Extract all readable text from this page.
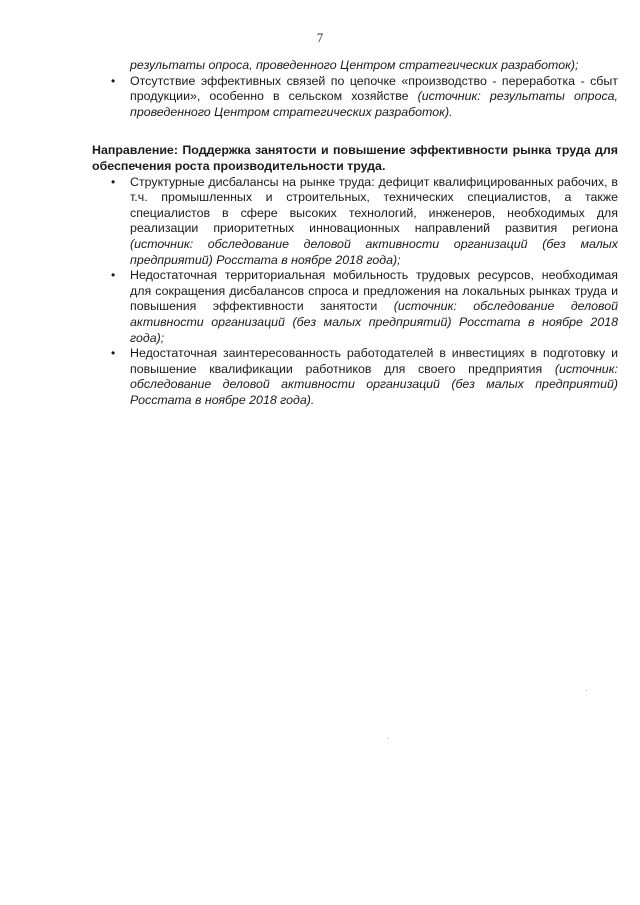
7

результаты опроса, проведенного Центром стратегических разработок);

• Отсутствие эффективных связей по цепочке «производство - переработка - сбыт продукции», особенно в сельском хозяйстве (источник: результаты опроса, проведенного Центром стратегических разработок).

Направление: Поддержка занятости и повышение эффективности рынка труда для обеспечения роста производительности труда.

• Структурные дисбалансы на рынке труда: дефицит квалифицированных рабочих, в т.ч. промышленных и строительных, технических специалистов, а также специалистов в сфере высоких технологий, инженеров, необходимых для реализации приоритетных инновационных направлений развития региона (источник: обследование деловой активности организаций (без малых предприятий) Росстата в ноябре 2018 года);
• Недостаточная территориальная мобильность трудовых ресурсов, необходимая для сокращения дисбалансов спроса и предложения на локальных рынках труда и повышения эффективности занятости (источник: обследование деловой активности организаций (без малых предприятий) Росстата в ноябре 2018 года);
• Недостаточная заинтересованность работодателей в инвестициях в подготовку и повышение квалификации работников для своего предприятия (источник: обследование деловой активности организаций (без малых предприятий) Росстата в ноябре 2018 года).
